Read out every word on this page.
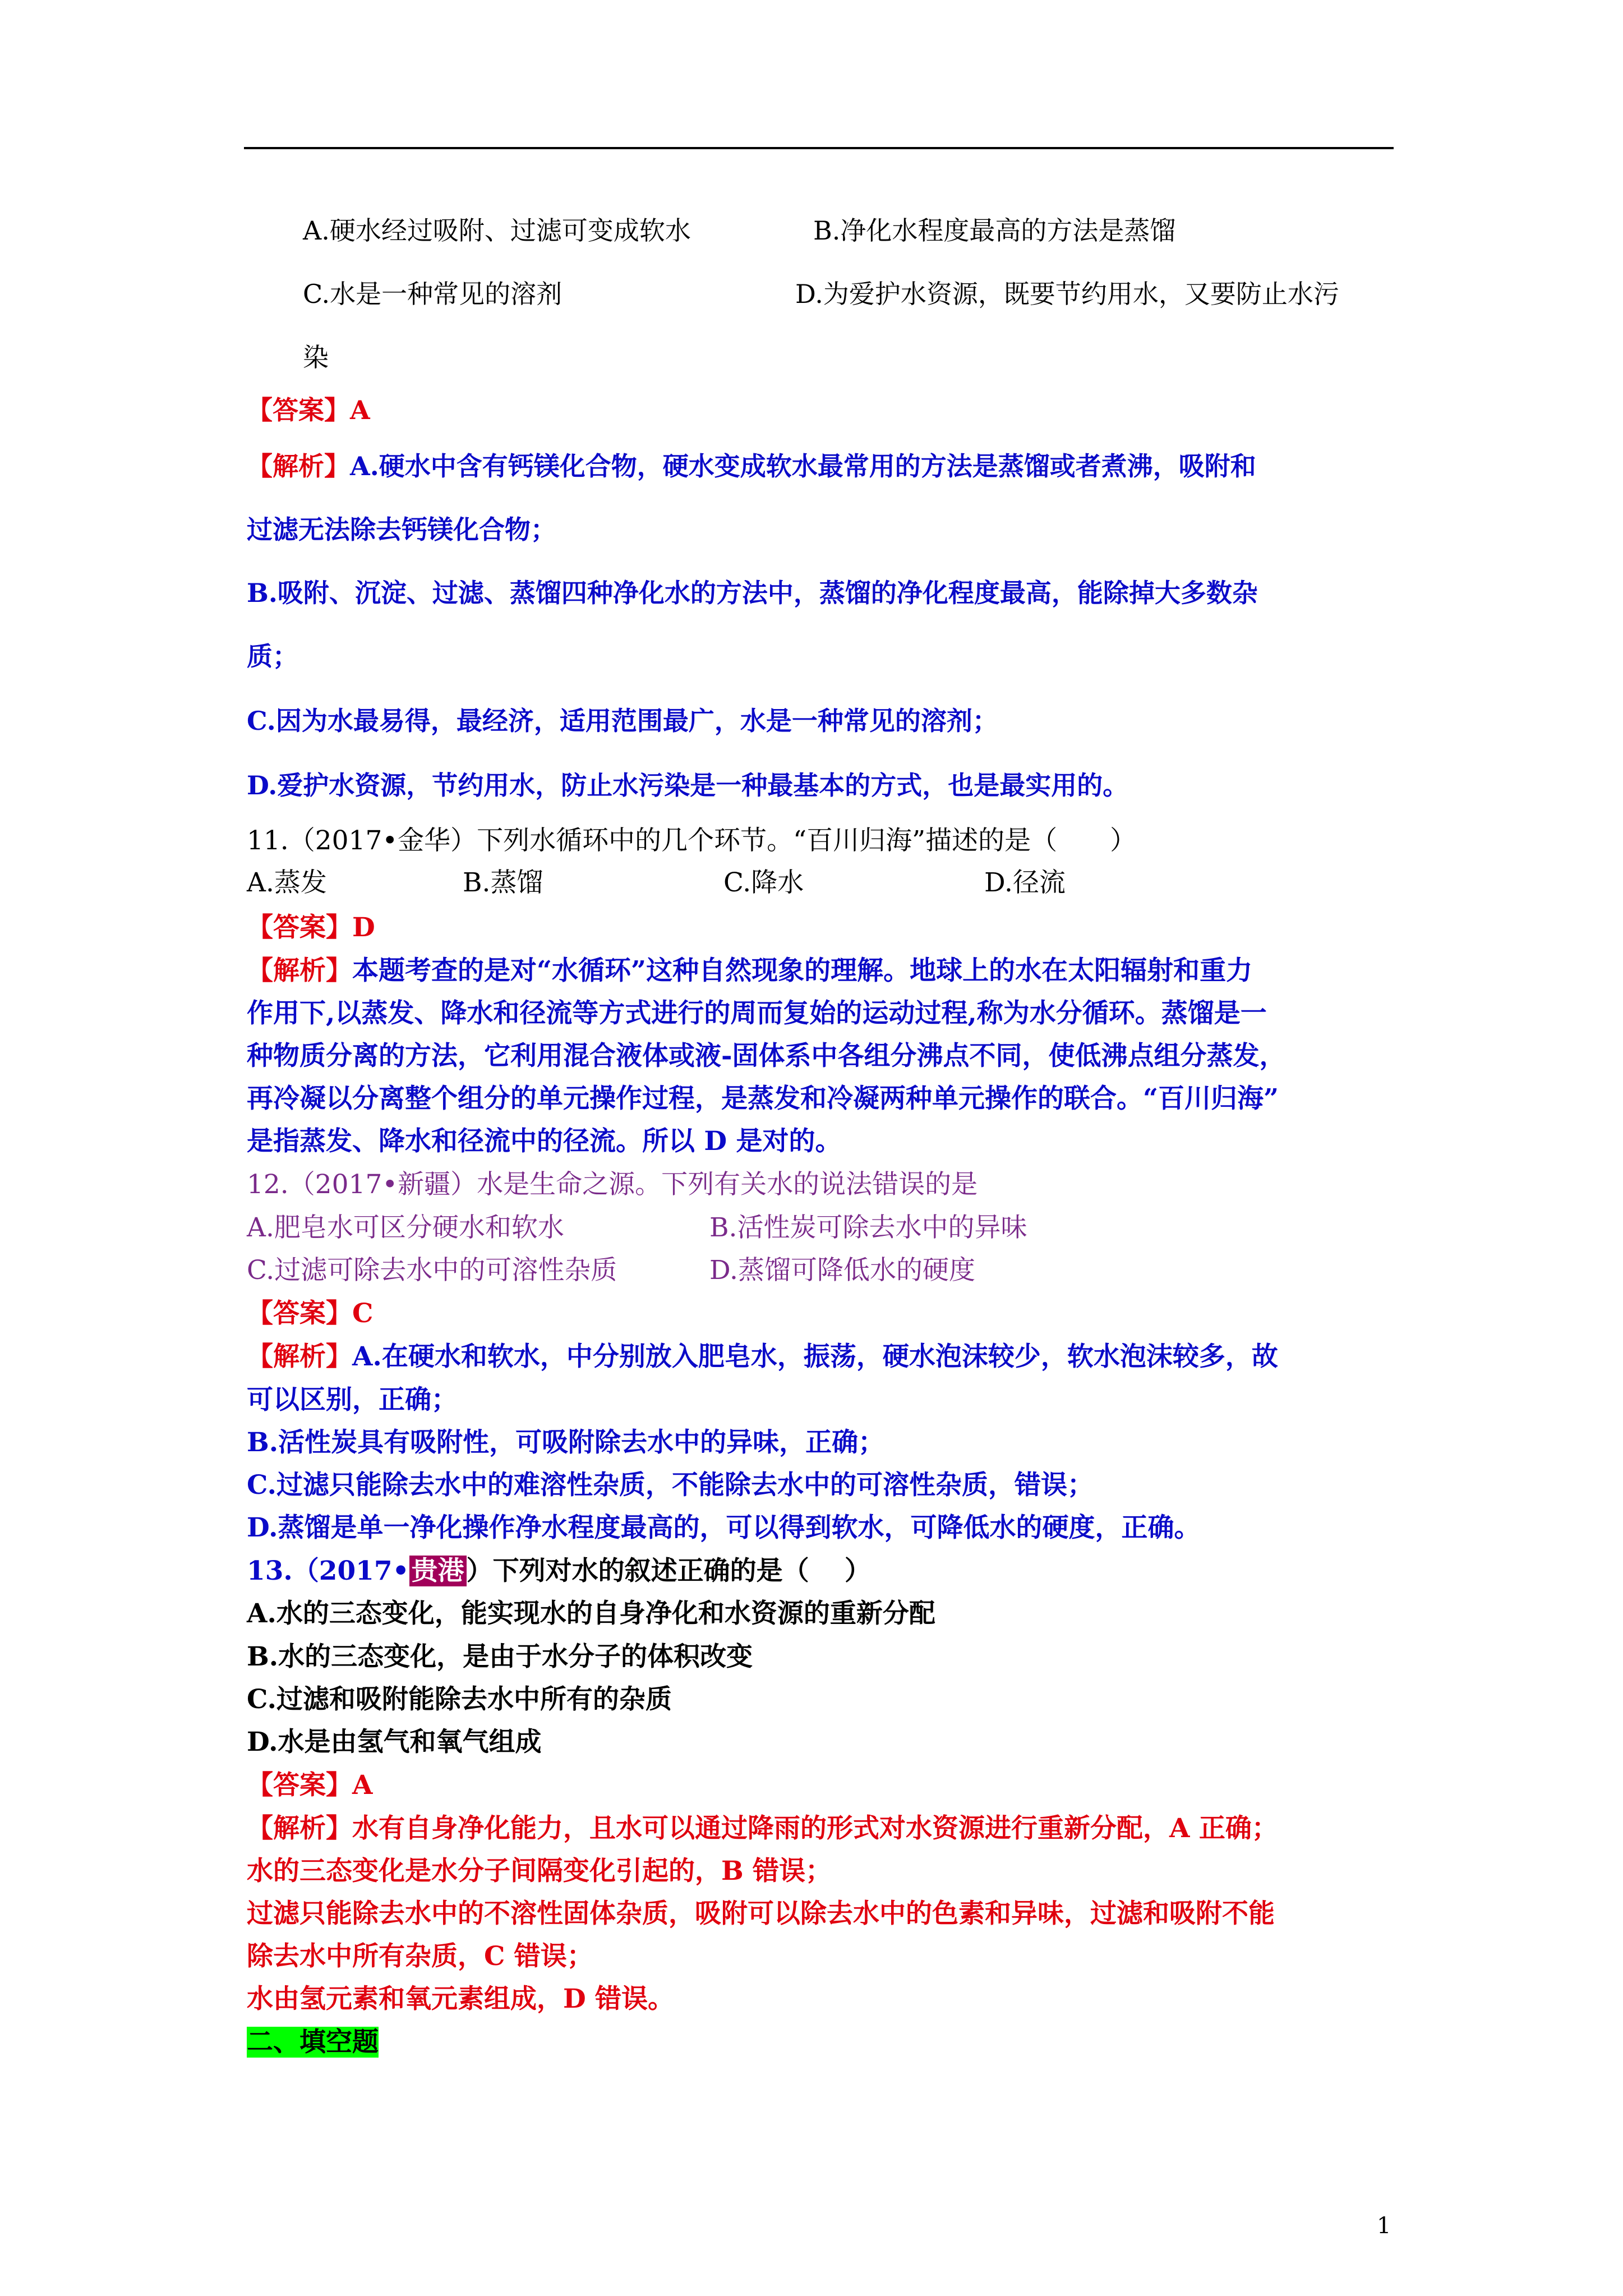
A.硬水经过吸附、过滤可变成软水	B.净化水程度最高的方法是蒸馏
C.水是一种常见的溶剂	D.为爱护水资源，既要节约用水，又要防止水污
染
【答案】A
【解析】A.硬水中含有钙镁化合物，硬水变成软水最常用的方法是蒸馏或者煮沸，吸附和
过滤无法除去钙镁化合物；
B.吸附、沉淀、过滤、蒸馏四种净化水的方法中，蒸馏的净化程度最高，能除掉大多数杂
质；
C.因为水最易得，最经济，适用范围最广，水是一种常见的溶剂；
D.爱护水资源，节约用水，防止水污染是一种最基本的方式，也是最实用的。
11.（2017•金华）下列水循环中的几个环节。“百川归海”描述的是（　　）
A.蒸发	B.蒸馏	C.降水	D.径流
【答案】D
【解析】本题考查的是对“水循环”这种自然现象的理解。地球上的水在太阳辐射和重力
作用下,以蒸发、降水和径流等方式进行的周而复始的运动过程,称为水分循环。蒸馏是一
种物质分离的方法，它利用混合液体或液-固体系中各组分沸点不同，使低沸点组分蒸发，
再冷凝以分离整个组分的单元操作过程，是蒸发和冷凝两种单元操作的联合。“百川归海”
是指蒸发、降水和径流中的径流。所以 D 是对的。
12.（2017•新疆）水是生命之源。下列有关水的说法错误的是
A.肥皂水可区分硬水和软水	B.活性炭可除去水中的异味
C.过滤可除去水中的可溶性杂质	D.蒸馏可降低水的硬度
【答案】C
【解析】A.在硬水和软水，中分别放入肥皂水，振荡，硬水泡沫较少，软水泡沫较多，故
可以区别，正确；
B.活性炭具有吸附性，可吸附除去水中的异味，正确；
C.过滤只能除去水中的难溶性杂质，不能除去水中的可溶性杂质，错误；
D.蒸馏是单一净化操作净水程度最高的，可以得到软水，可降低水的硬度，正确。
13.（2017•贵港）下列对水的叙述正确的是（　 ）
A.水的三态变化，能实现水的自身净化和水资源的重新分配
B.水的三态变化，是由于水分子的体积改变
C.过滤和吸附能除去水中所有的杂质
D.水是由氢气和氧气组成
【答案】A
【解析】水有自身净化能力，且水可以通过降雨的形式对水资源进行重新分配，A 正确；
水的三态变化是水分子间隔变化引起的，B 错误；
过滤只能除去水中的不溶性固体杂质，吸附可以除去水中的色素和异味，过滤和吸附不能
除去水中所有杂质，C 错误；
水由氢元素和氧元素组成，D 错误。
二、填空题
1
